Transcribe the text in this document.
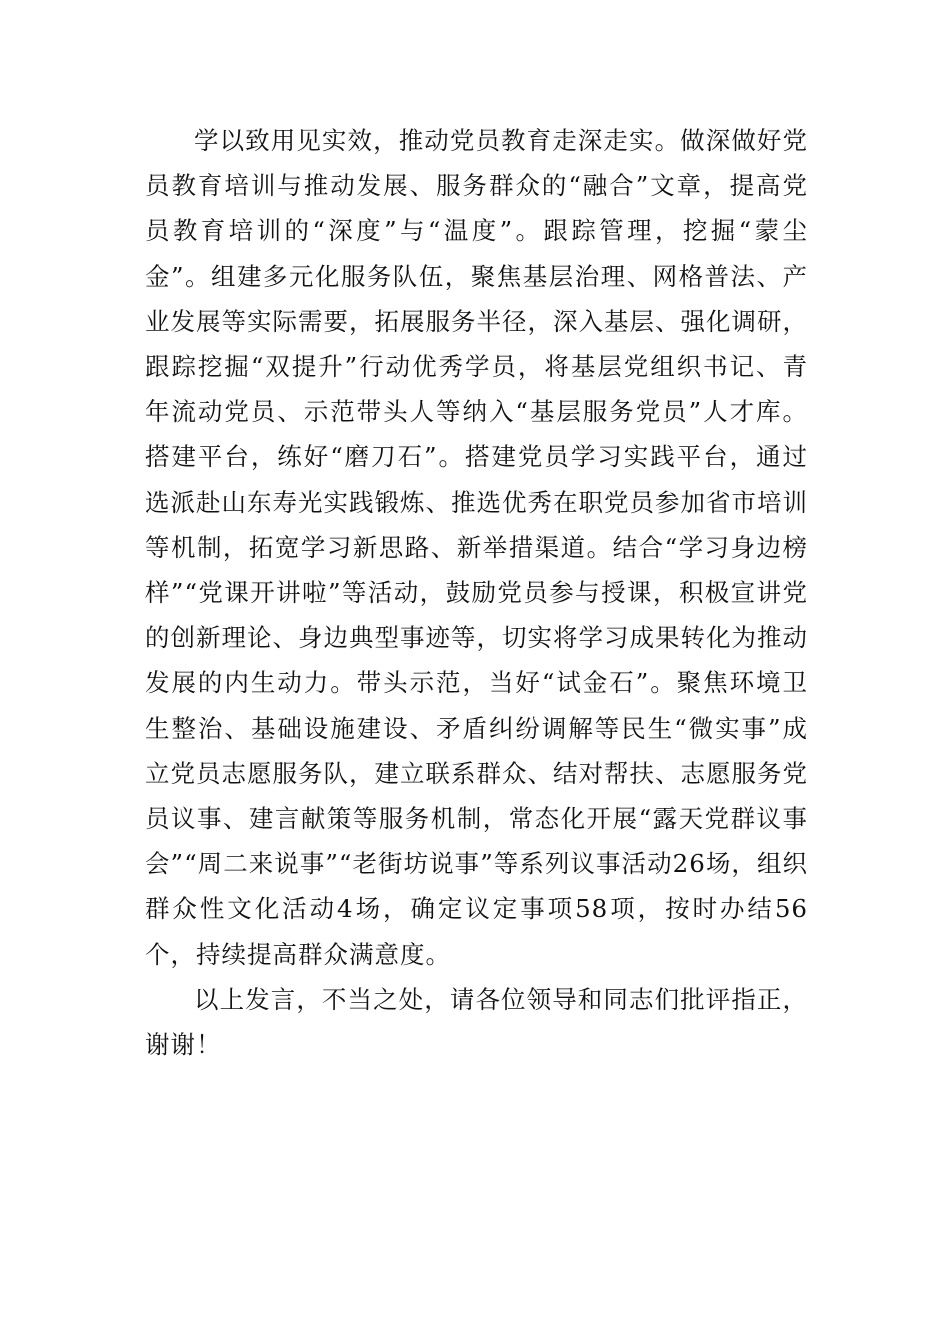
学以致用见实效，推动党员教育走深走实。做深做好党员教育培训与推动发展、服务群众的“融合”文章，提高党员教育培训的“深度”与“温度”。跟踪管理，挖掘“蒙尘金”。组建多元化服务队伍，聚焦基层治理、网格普法、产业发展等实际需要，拓展服务半径，深入基层、强化调研，跟踪挖掘“双提升”行动优秀学员，将基层党组织书记、青年流动党员、示范带头人等纳入“基层服务党员”人才库。搭建平台，练好“磨刀石”。搭建党员学习实践平台，通过选派赴山东寿光实践锻炼、推选优秀在职党员参加省市培训等机制，拓宽学习新思路、新举措渠道。结合“学习身边榜样”“党课开讲啦”等活动，鼓励党员参与授课，积极宣讲党的创新理论、身边典型事迹等，切实将学习成果转化为推动发展的内生动力。带头示范，当好“试金石”。聚焦环境卫生整治、基础设施建设、矛盾纠纷调解等民生“微实事”成立党员志愿服务队，建立联系群众、结对帮扶、志愿服务党员议事、建言献策等服务机制，常态化开展“露天党群议事会”“周二来说事”“老街坊说事”等系列议事活动26场，组织群众性文化活动4场，确定议定事项58项，按时办结56个，持续提高群众满意度。

以上发言，不当之处，请各位领导和同志们批评指正，谢谢！
